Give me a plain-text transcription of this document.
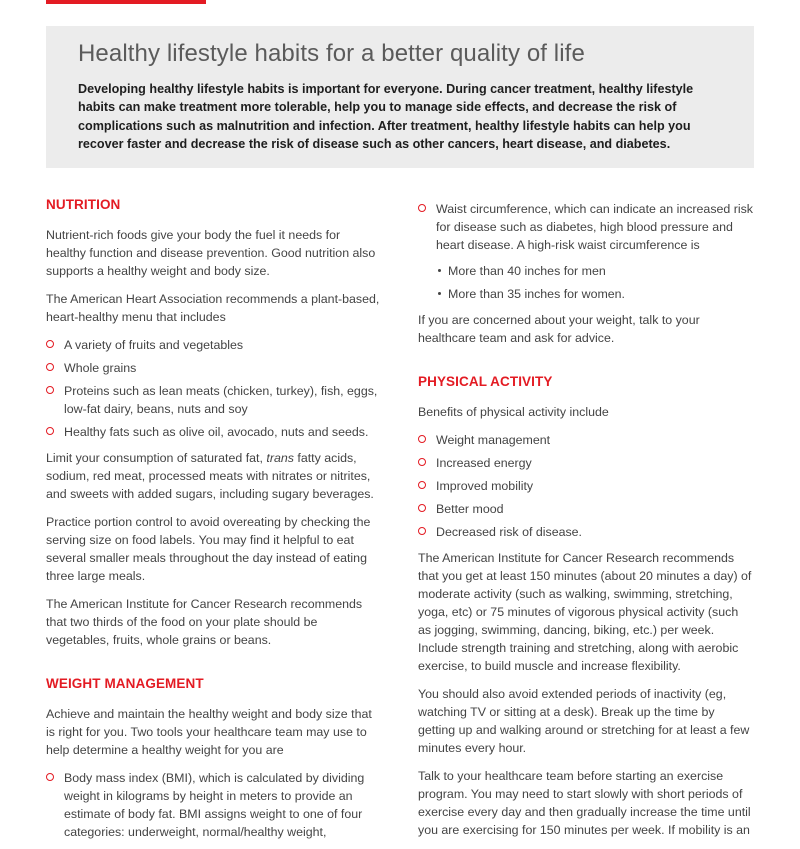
Healthy lifestyle habits for a better quality of life

Developing healthy lifestyle habits is important for everyone. During cancer treatment, healthy lifestyle habits can make treatment more tolerable, help you to manage side effects, and decrease the risk of complications such as malnutrition and infection. After treatment, healthy lifestyle habits can help you recover faster and decrease the risk of disease such as other cancers, heart disease, and diabetes.

NUTRITION

Nutrient-rich foods give your body the fuel it needs for healthy function and disease prevention. Good nutrition also supports a healthy weight and body size.

The American Heart Association recommends a plant-based, heart-healthy menu that includes

A variety of fruits and vegetables
Whole grains
Proteins such as lean meats (chicken, turkey), fish, eggs, low-fat dairy, beans, nuts and soy
Healthy fats such as olive oil, avocado, nuts and seeds.

Limit your consumption of saturated fat, trans fatty acids, sodium, red meat, processed meats with nitrates or nitrites, and sweets with added sugars, including sugary beverages.

Practice portion control to avoid overeating by checking the serving size on food labels. You may find it helpful to eat several smaller meals throughout the day instead of eating three large meals.

The American Institute for Cancer Research recommends that two thirds of the food on your plate should be vegetables, fruits, whole grains or beans.

WEIGHT MANAGEMENT

Achieve and maintain the healthy weight and body size that is right for you. Two tools your healthcare team may use to help determine a healthy weight for you are

Body mass index (BMI), which is calculated by dividing weight in kilograms by height in meters to provide an estimate of body fat. BMI assigns weight to one of four categories: underweight, normal/healthy weight,
Waist circumference, which can indicate an increased risk for disease such as diabetes, high blood pressure and heart disease. A high-risk waist circumference is
More than 40 inches for men
More than 35 inches for women.

If you are concerned about your weight, talk to your healthcare team and ask for advice.

PHYSICAL ACTIVITY

Benefits of physical activity include

Weight management
Increased energy
Improved mobility
Better mood
Decreased risk of disease.

The American Institute for Cancer Research recommends that you get at least 150 minutes (about 20 minutes a day) of moderate activity (such as walking, swimming, stretching, yoga, etc) or 75 minutes of vigorous physical activity (such as jogging, swimming, dancing, biking, etc.) per week. Include strength training and stretching, along with aerobic exercise, to build muscle and increase flexibility.

You should also avoid extended periods of inactivity (eg, watching TV or sitting at a desk). Break up the time by getting up and walking around or stretching for at least a few minutes every hour.

Talk to your healthcare team before starting an exercise program. You may need to start slowly with short periods of exercise every day and then gradually increase the time until you are exercising for 150 minutes per week. If mobility is an
